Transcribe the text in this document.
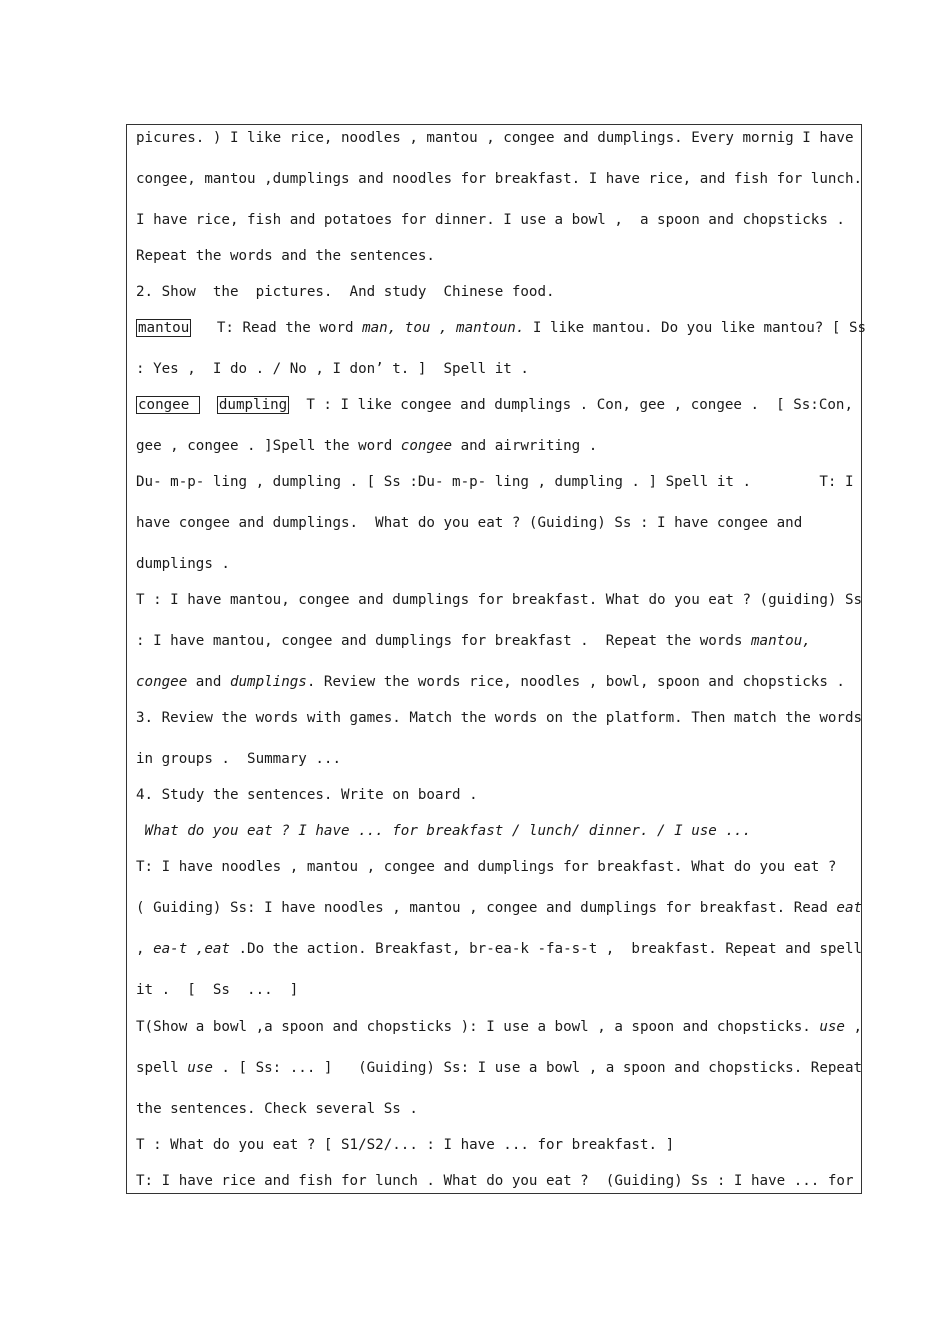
picures. ) I like rice, noodles , mantou , congee and dumplings. Every mornig I have
congee, mantou ,dumplings and noodles for breakfast. I have rice, and fish for lunch.
I have rice, fish and potatoes for dinner. I use a bowl ,  a spoon and chopsticks .
Repeat the words and the sentences.
2. Show  the  pictures.  And study  Chinese food.
mantou   T: Read the word man, tou , mantoun. I like mantou. Do you like mantou? [ Ss
: Yes ,  I do . / No , I don’ t. ]  Spell it .
congee   dumpling  T : I like congee and dumplings . Con, gee , congee .  [ Ss:Con,
gee , congee . ]Spell the word congee and airwriting .
Du- m-p- ling , dumpling . [ Ss :Du- m-p- ling , dumpling . ] Spell it .        T: I
have congee and dumplings.  What do you eat ? (Guiding) Ss : I have congee and
dumplings .
T : I have mantou, congee and dumplings for breakfast. What do you eat ? (guiding) Ss
: I have mantou, congee and dumplings for breakfast .  Repeat the words mantou,
congee and dumplings. Review the words rice, noodles , bowl, spoon and chopsticks .
3. Review the words with games. Match the words on the platform. Then match the words
in groups .  Summary ...
4. Study the sentences. Write on board .
What do you eat ? I have ... for breakfast / lunch/ dinner. / I use ...
T: I have noodles , mantou , congee and dumplings for breakfast. What do you eat ?
( Guiding) Ss: I have noodles , mantou , congee and dumplings for breakfast. Read eat
, ea-t ,eat .Do the action. Breakfast, br-ea-k -fa-s-t ,  breakfast. Repeat and spell
it .  [  Ss  ...  ]
T(Show a bowl ,a spoon and chopsticks ): I use a bowl , a spoon and chopsticks. use ,
spell use . [ Ss: ... ]   (Guiding) Ss: I use a bowl , a spoon and chopsticks. Repeat
the sentences. Check several Ss .
T : What do you eat ? [ S1/S2/... : I have ... for breakfast. ]
T: I have rice and fish for lunch . What do you eat ?  (Guiding) Ss : I have ... for
